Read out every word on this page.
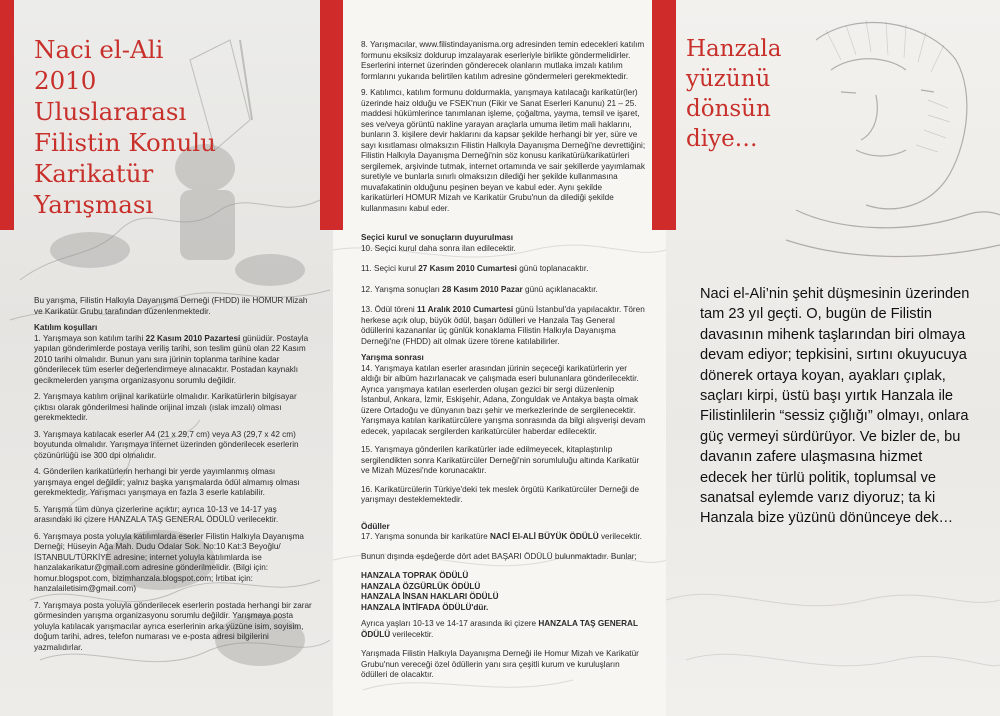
Naci el-Ali
2010
Uluslararası
Filistin Konulu
Karikatür
Yarışması

Bu yarışma, Filistin Halkıyla Dayanışma Derneği (FHDD) ile HOMUR Mizah ve Karikatür Grubu tarafından düzenlenmektedir.

Katılım koşulları
1. Yarışmaya son katılım tarihi 22 Kasım 2010 Pazartesi günüdür. Postayla yapılan gönderimlerde postaya veriliş tarihi, son teslim günü olan 22 Kasım 2010 tarihi olmalıdır. Bunun yanı sıra jürinin toplanma tarihine kadar gönderilecek tüm eserler değerlendirmeye alınacaktır. Postadan kaynaklı gecikmelerden yarışma organizasyonu sorumlu değildir.

2. Yarışmaya katılım orijinal karikatürle olmalıdır. Karikatürlerin bilgisayar çıktısı olarak gönderilmesi halinde orijinal imzalı (ıslak imzalı) olması gerekmektedir.

3. Yarışmaya katılacak eserler A4 (21 x 29,7 cm) veya A3 (29,7 x 42 cm) boyutunda olmalıdır. Yarışmaya internet üzerinden gönderilecek eserlerin çözünürlüğü ise 300 dpi olmalıdır.

4. Gönderilen karikatürlerin herhangi bir yerde yayımlanmış olması yarışmaya engel değildir; yalnız başka yarışmalarda ödül almamış olması gerekmektedir. Yarışmacı yarışmaya en fazla 3 eserle katılabilir.

5. Yarışma tüm dünya çizerlerine açıktır; ayrıca 10-13 ve 14-17 yaş arasındaki iki çizere HANZALA TAŞ GENERAL ÖDÜLÜ verilecektir.

6. Yarışmaya posta yoluyla katılımlarda eserler Filistin Halkıyla Dayanışma Derneği; Hüseyin Ağa Mah. Dudu Odalar Sok. No:10 Kat:3 Beyoğlu/İSTANBUL/TÜRKİYE adresine; internet yoluyla katılımlarda ise hanzalakarikatur@gmail.com adresine gönderilmelidir. (Bilgi için: homur.blogspot.com, bizimhanzala.blogspot.com; İrtibat için: hanzalailetisim@gmail.com)

7. Yarışmaya posta yoluyla gönderilecek eserlerin postada herhangi bir zarar görmesinden yarışma organizasyonu sorumlu değildir. Yarışmaya posta yoluyla katılacak yarışmacılar ayrıca eserlerinin arka yüzüne isim, soyisim, doğum tarihi, adres, telefon numarası ve e-posta adresi bilgilerini yazmalıdırlar.

8. Yarışmacılar, www.filistindayanisma.org adresinden temin edecekleri katılım formunu eksiksiz doldurup imzalayarak eserleriyle birlikte göndermelidirler. Eserlerini internet üzerinden gönderecek olanların mutlaka imzalı katılım formlarını yukarıda belirtilen katılım adresine göndermeleri gerekmektedir.

9. Katılımcı, katılım formunu doldurmakla, yarışmaya katılacağı karikatür(ler) üzerinde haiz olduğu ve FSEK'nun (Fikir ve Sanat Eserleri Kanunu) 21 – 25. maddesi hükümlerince tanımlanan işleme, çoğaltma, yayma, temsil ve işaret, ses ve/veya görüntü nakline yarayan araçlarla umuma iletim mali haklarını, bunların 3. kişilere devir haklarını da kapsar şekilde herhangi bir yer, süre ve sayı kısıtlaması olmaksızın Filistin Halkıyla Dayanışma Derneği'ne devrettiğini; Filistin Halkıyla Dayanışma Derneği'nin söz konusu karikatürü/karikatürleri sergilemek, arşivinde tutmak, internet ortamında ve sair şekillerde yayımlamak suretiyle ve bunlarla sınırlı olmaksızın dilediği her şekilde kullanmasına muvafakatinin olduğunu peşinen beyan ve kabul eder. Aynı şekilde karikatürleri HOMUR Mizah ve Karikatür Grubu'nun da dilediği şekilde kullanmasını kabul eder.

Seçici kurul ve sonuçların duyurulması
10. Seçici kurul daha sonra ilan edilecektir.

11. Seçici kurul 27 Kasım 2010 Cumartesi günü toplanacaktır.

12. Yarışma sonuçları 28 Kasım 2010 Pazar günü açıklanacaktır.

13. Ödül töreni 11 Aralık 2010 Cumartesi günü İstanbul'da yapılacaktır. Tören herkese açık olup, büyük ödül, başarı ödülleri ve Hanzala Taş General ödüllerini kazananlar üç günlük konaklama Filistin Halkıyla Dayanışma Derneği'ne (FHDD) ait olmak üzere törene katılabilirler.

Yarışma sonrası
14. Yarışmaya katılan eserler arasından jürinin seçeceği karikatürlerin yer aldığı bir albüm hazırlanacak ve çalışmada eseri bulunanlara gönderilecektir. Ayrıca yarışmaya katılan eserlerden oluşan gezici bir sergi düzenlenip İstanbul, Ankara, İzmir, Eskişehir, Adana, Zonguldak ve Antakya başta olmak üzere Ortadoğu ve dünyanın bazı şehir ve merkezlerinde de sergilenecektir. Yarışmaya katılan karikatürcülere yarışma sonrasında da bilgi alışverişi devam edecek, yapılacak sergilerden karikatürcüler haberdar edilecektir.

15. Yarışmaya gönderilen karikatürler iade edilmeyecek, kitaplaştırılıp sergilendikten sonra Karikatürcüler Derneği'nin sorumluluğu altında Karikatür ve Mizah Müzesi'nde korunacaktır.

16. Karikatürcülerin Türkiye'deki tek meslek örgütü Karikatürcüler Derneği de yarışmayı desteklemektedir.

Ödüller
17. Yarışma sonunda bir karikatüre NACİ El-ALİ BÜYÜK ÖDÜLÜ verilecektir.

Bunun dışında eşdeğerde dört adet BAŞARI ÖDÜLÜ bulunmaktadır. Bunlar;

HANZALA TOPRAK ÖDÜLÜ
HANZALA ÖZGÜRLÜK ÖDÜLÜ
HANZALA İNSAN HAKLARI ÖDÜLÜ
HANZALA İNTİFADA ÖDÜLÜ'dür.

Ayrıca yaşları 10-13 ve 14-17 arasında iki çizere HANZALA TAŞ GENERAL ÖDÜLÜ verilecektir.

Yarışmada Filistin Halkıyla Dayanışma Derneği ile Homur Mizah ve Karikatür Grubu'nun vereceği özel ödüllerin yanı sıra çeşitli kurum ve kuruluşların ödülleri de olacaktır.

Hanzala
yüzünü
dönsün
diye…

Naci el-Ali’nin şehit düşmesinin üzerinden tam 23 yıl geçti. O, bugün de Filistin davasının mihenk taşlarından biri olmaya devam ediyor; tepkisini, sırtını okuyucuya dönerek ortaya koyan, ayakları çıplak, saçları kirpi, üstü başı yırtık Hanzala ile Filistinlilerin “sessiz çığlığı” olmayı, onlara güç vermeyi sürdürüyor. Ve bizler de, bu davanın zafere ulaşmasına hizmet edecek her türlü politik, toplumsal ve sanatsal eylemde varız diyoruz; ta ki Hanzala bize yüzünü dönünceye dek…
